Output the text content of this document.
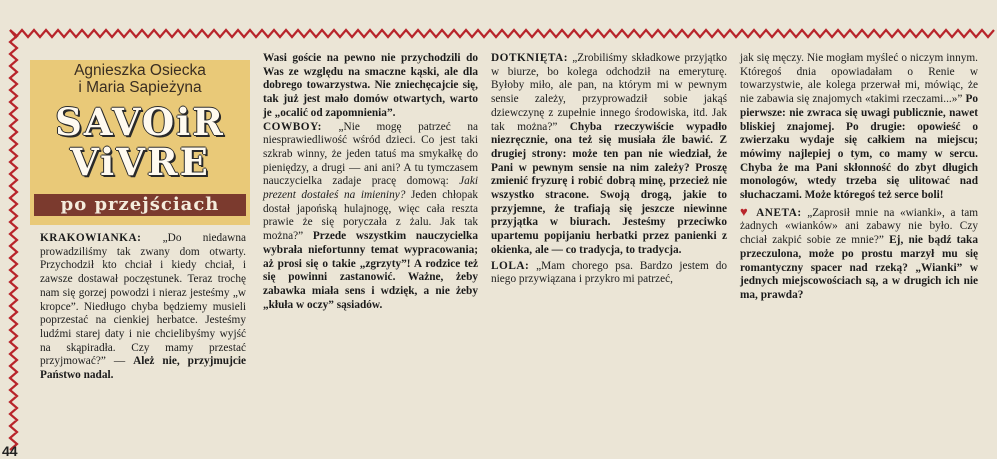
44
Agnieszka Osiecka
i Maria Sapieżyna
SAVOiR
ViVRE
po przejściach

KRAKOWIANKA: „Do niedawna prowadziliśmy tak zwany dom otwarty. Przychodził kto chciał i kiedy chciał, i zawsze dostawał poczęstunek. Teraz trochę nam się gorzej powodzi i nieraz jesteśmy „w kropce”. Niedługo chyba będziemy musieli poprzestać na cienkiej herbatce. Jesteśmy ludźmi starej daty i nie chcielibyśmy wyjść na skąpiradła. Czy mamy przestać przyjmować?” — Ależ nie, przyjmujcie Państwo nadal.

Wasi goście na pewno nie przychodzili do Was ze względu na smaczne kąski, ale dla dobrego towarzystwa. Nie zniechęcajcie się, tak już jest mało domów otwartych, warto je „ocalić od zapomnienia”.

COWBOY: „Nie mogę patrzeć na niesprawiedliwość wśród dzieci. Co jest taki szkrab winny, że jeden tatuś ma smykałkę do pieniędzy, a drugi — ani ani? A tu tymczasem nauczycielka zadaje pracę domową: Jaki prezent dostałeś na imieniny? Jeden chłopak dostał japońską hulajnogę, więc cała reszta prawie że się poryczała z żalu. Jak tak można?” Przede wszystkim nauczycielka wybrała niefortunny temat wypracowania; aż prosi się o takie „zgrzyty”! A rodzice też się powinni zastanowić. Ważne, żeby zabawka miała sens i wdzięk, a nie żeby „kłuła w oczy” sąsiadów.

DOTKNIĘTA: „Zrobiliśmy składkowe przyjątko w biurze, bo kolega odchodził na emeryturę. Byłoby miło, ale pan, na którym mi w pewnym sensie zależy, przyprowadził sobie jakąś dziewczynę z zupełnie innego środowiska, itd. Jak tak można?” Chyba rzeczywiście wypadło niezręcznie, ona też się musiała źle bawić. Z drugiej strony: może ten pan nie wiedział, że Pani w pewnym sensie na nim zależy? Proszę zmienić fryzurę i robić dobrą minę, przecież nie wszystko stracone. Swoją drogą, jakie to przyjemne, że trafiają się jeszcze niewinne przyjątka w biurach. Jesteśmy przeciwko upartemu popijaniu herbatki przez panienki z okienka, ale — co tradycja, to tradycja.

LOLA: „Mam chorego psa. Bardzo jestem do niego przywiązana i przykro mi patrzeć,

jak się męczy. Nie mogłam myśleć o niczym innym. Któregoś dnia opowiadałam o Renie w towarzystwie, ale kolega przerwał mi, mówiąc, że nie zabawia się znajomych «takimi rzeczami...»” Po pierwsze: nie zwraca się uwagi publicznie, nawet bliskiej znajomej. Po drugie: opowieść o zwierzaku wydaje się całkiem na miejscu; mówimy najlepiej o tym, co mamy w sercu. Chyba że ma Pani skłonność do zbyt długich monologów, wtedy trzeba się ulitować nad słuchaczami. Może któregoś też serce boli!

♥ ANETA: „Zaprosił mnie na «wianki», a tam żadnych «wianków» ani zabawy nie było. Czy chciał zakpić sobie ze mnie?” Ej, nie bądź taka przeczulona, może po prostu marzył mu się romantyczny spacer nad rzeką? „Wianki” w jednych miejscowościach są, a w drugich ich nie ma, prawda?
